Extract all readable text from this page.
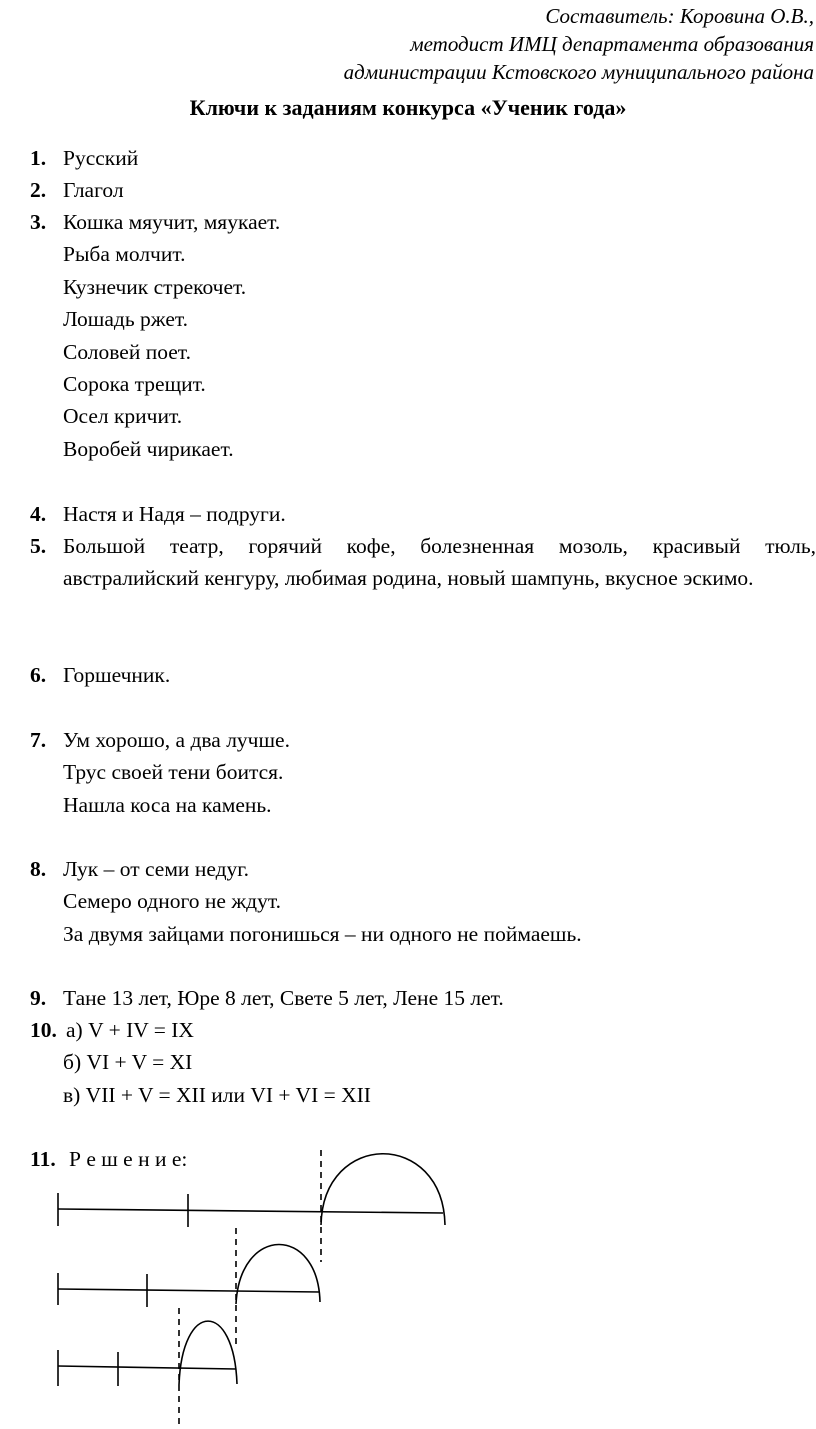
Составитель: Коровина О.В.,
методист ИМЦ департамента образования
администрации Кстовского муниципального района
Ключи к заданиям конкурса «Ученик года»
1. Русский
2. Глагол
3. Кошка мяучит, мяукает.
Рыба молчит.
Кузнечик стрекочет.
Лошадь ржет.
Соловей поет.
Сорока трещит.
Осел кричит.
Воробей чирикает.
4. Настя и Надя – подруги.
5. Большой театр, горячий кофе, болезненная мозоль, красивый тюль, австралийский кенгуру, любимая родина, новый шампунь, вкусное эскимо.
6. Горшечник.
7. Ум хорошо, а два лучше.
Трус своей тени боится.
Нашла коса на камень.
8. Лук – от семи недуг.
Семеро одного не ждут.
За двумя зайцами погонишься – ни одного не поймаешь.
9. Тане 13 лет, Юре 8 лет, Свете 5 лет, Лене 15 лет.
10. а) V + IV = IX
б) VI + V = XI
в) VII + V = XII или VI + VI = XII
11. Р е ш е н и е:
